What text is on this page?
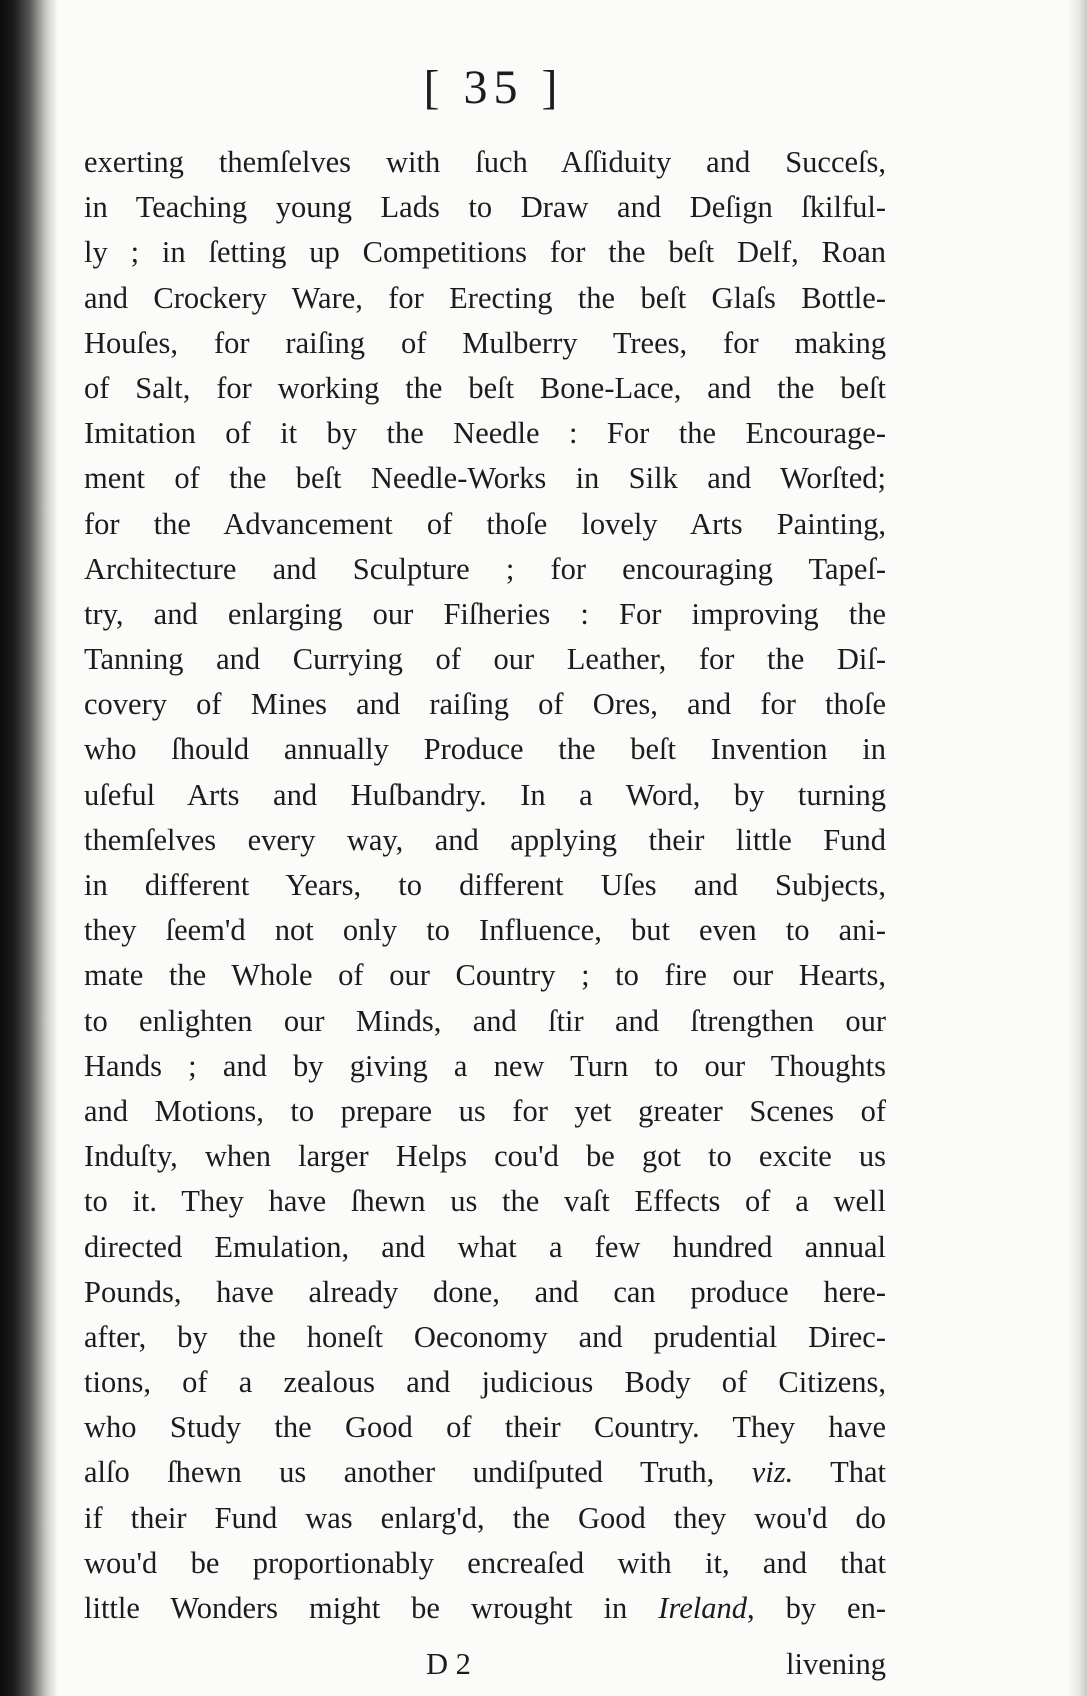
[ 35 ]
exerting themſelves with ſuch Aſſiduity and Succeſs,
in Teaching young Lads to Draw and Deſign ſkilful-
ly ; in ſetting up Competitions for the beſt Delf, Roan
and Crockery Ware, for Erecting the beſt Glaſs Bottle-
Houſes, for raiſing of Mulberry Trees, for making
of Salt, for working the beſt Bone-Lace, and the beſt
Imitation of it by the Needle : For the Encourage-
ment of the beſt Needle-Works in Silk and Worſted;
for the Advancement of thoſe lovely Arts Painting,
Architecture and Sculpture ; for encouraging Tapeſ-
try, and enlarging our Fiſheries : For improving the
Tanning and Currying of our Leather, for the Diſ-
covery of Mines and raiſing of Ores, and for thoſe
who ſhould annually Produce the beſt Invention in
uſeful Arts and Huſbandry. In a Word, by turning
themſelves every way, and applying their little Fund
in different Years, to different Uſes and Subjects,
they ſeem'd not only to Influence, but even to ani-
mate the Whole of our Country ; to fire our Hearts,
to enlighten our Minds, and ſtir and ſtrengthen our
Hands ; and by giving a new Turn to our Thoughts
and Motions, to prepare us for yet greater Scenes of
Induſty, when larger Helps cou'd be got to excite us
to it. They have ſhewn us the vaſt Effects of a well
directed Emulation, and what a few hundred annual
Pounds, have already done, and can produce here-
after, by the honeſt Oeconomy and prudential Direc-
tions, of a zealous and judicious Body of Citizens,
who Study the Good of their Country. They have
alſo ſhewn us another undiſputed Truth, viz. That
if their Fund was enlarg'd, the Good they wou'd do
wou'd be proportionably encreaſed with it, and that
little Wonders might be wrought in Ireland, by en-
D 2	livening
